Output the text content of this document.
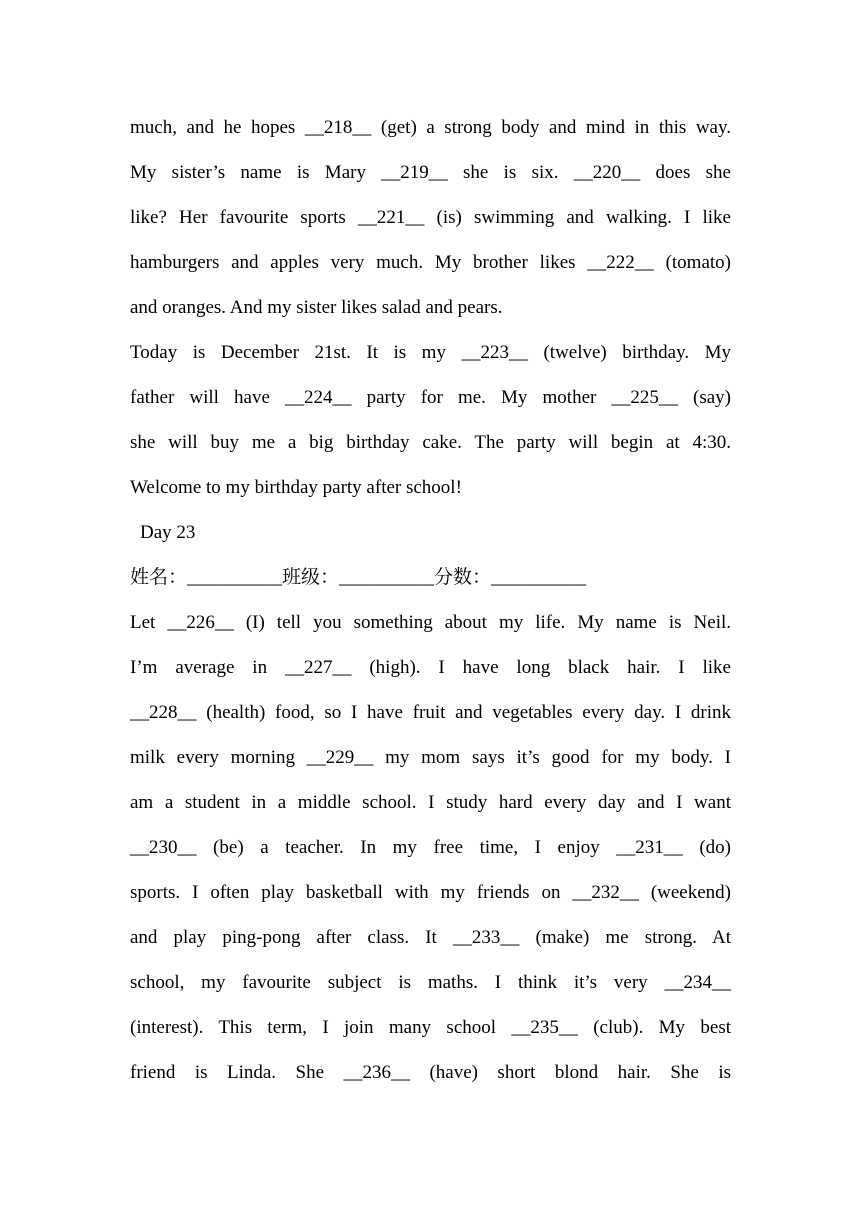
much, and he hopes __218__ (get) a strong body and mind in this way.
My sister’s name is Mary __219__ she is six. __220__ does she
like? Her favourite sports __221__ (is) swimming and walking. I like
hamburgers and apples very much. My brother likes __222__ (tomato)
and oranges. And my sister likes salad and pears.
Today is December 21st. It is my __223__ (twelve) birthday. My
father will have __224__ party for me. My mother __225__ (say)
she will buy me a big birthday cake. The party will begin at 4:30.
Welcome to my birthday party after school!
Day 23
姓名：__________班级：__________分数：__________
Let __226__ (I) tell you something about my life. My name is Neil.
I’m average in __227__ (high). I have long black hair. I like
__228__ (health) food, so I have fruit and vegetables every day. I drink
milk every morning __229__ my mom says it’s good for my body. I
am a student in a middle school. I study hard every day and I want
__230__ (be) a teacher. In my free time, I enjoy __231__ (do)
sports. I often play basketball with my friends on __232__ (weekend)
and play ping-pong after class. It __233__ (make) me strong. At
school, my favourite subject is maths. I think it’s very __234__
(interest). This term, I join many school __235__ (club). My best
friend is Linda. She __236__ (have) short blond hair. She is
